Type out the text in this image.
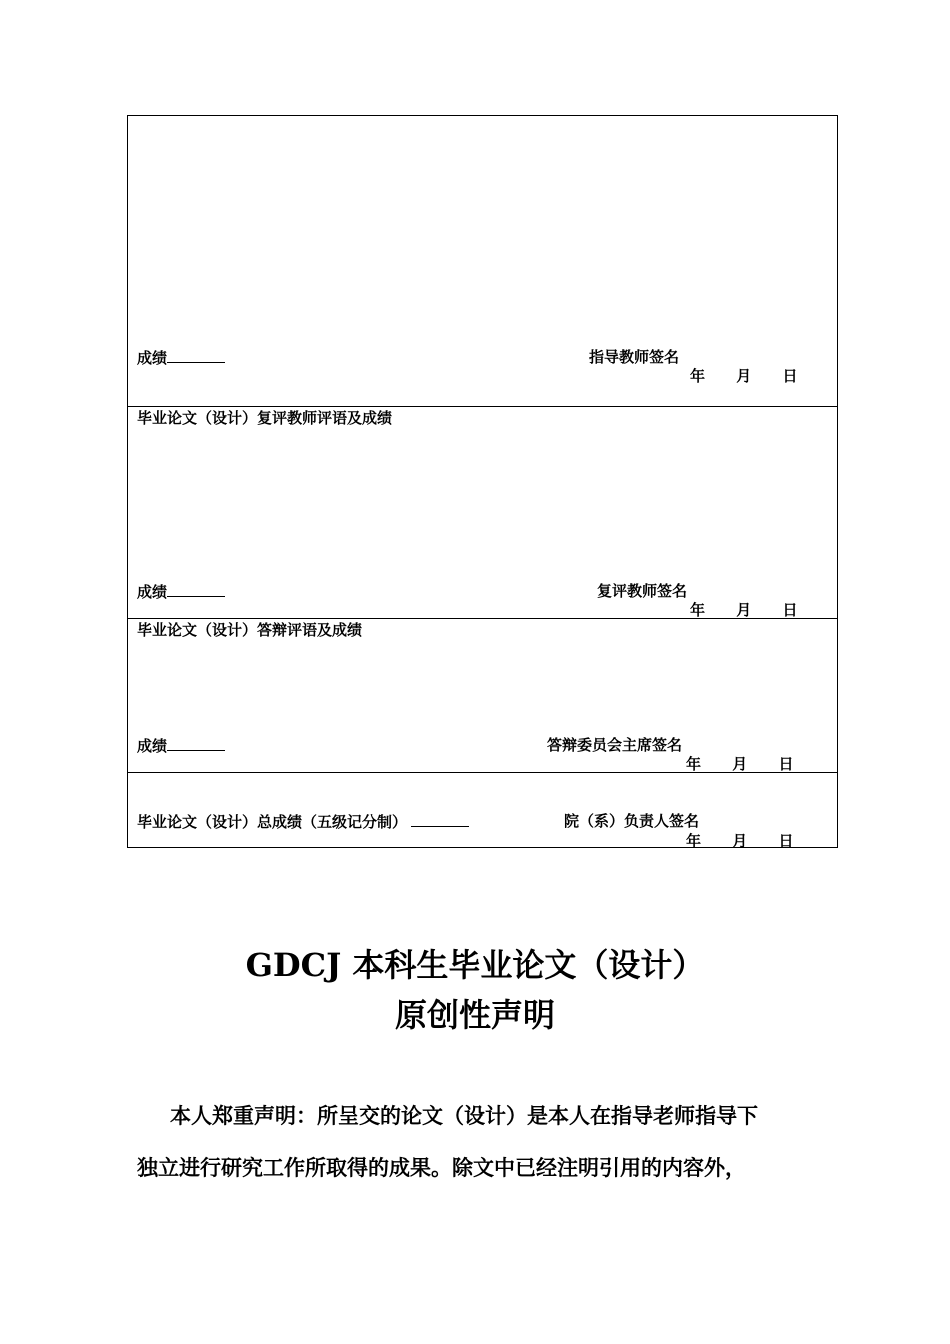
成绩	指导教师签名
年 月 日
毕业论文（设计）复评教师评语及成绩
成绩	复评教师签名
年 月 日
毕业论文（设计）答辩评语及成绩
成绩	答辩委员会主席签名
年 月 日
毕业论文（设计）总成绩（五级记分制）	院（系）负责人签名
年 月 日
GDCJ 本科生毕业论文（设计）
原创性声明
本人郑重声明：所呈交的论文（设计）是本人在指导老师指导下
独立进行研究工作所取得的成果。除文中已经注明引用的内容外，
